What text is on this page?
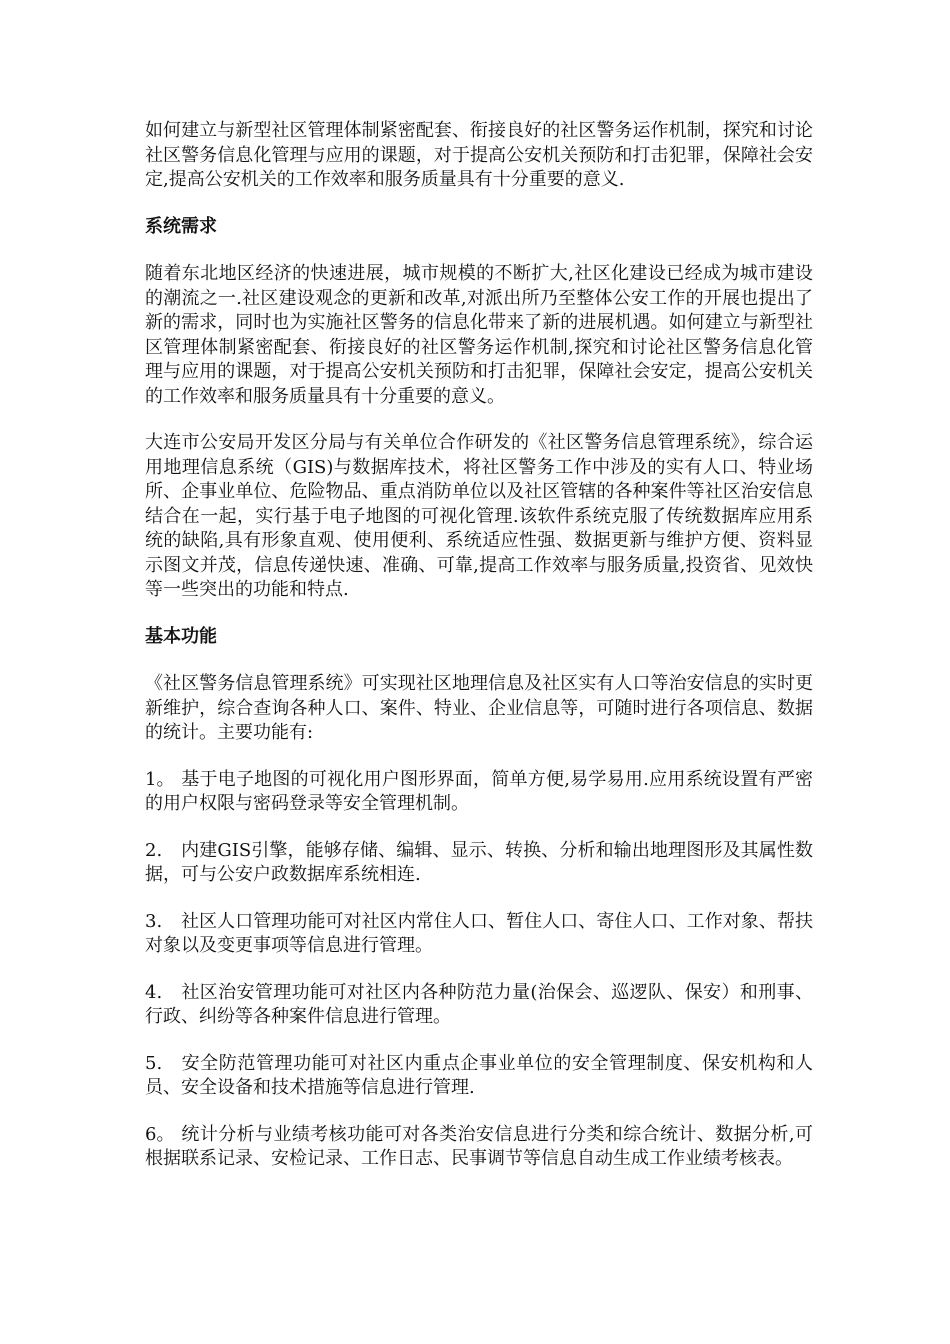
如何建立与新型社区管理体制紧密配套、衔接良好的社区警务运作机制，探究和讨论社区警务信息化管理与应用的课题，对于提高公安机关预防和打击犯罪，保障社会安定,提高公安机关的工作效率和服务质量具有十分重要的意义.

系统需求

随着东北地区经济的快速进展，城市规模的不断扩大,社区化建设已经成为城市建设的潮流之一.社区建设观念的更新和改革,对派出所乃至整体公安工作的开展也提出了新的需求，同时也为实施社区警务的信息化带来了新的进展机遇。如何建立与新型社区管理体制紧密配套、衔接良好的社区警务运作机制,探究和讨论社区警务信息化管理与应用的课题，对于提高公安机关预防和打击犯罪，保障社会安定，提高公安机关的工作效率和服务质量具有十分重要的意义。

大连市公安局开发区分局与有关单位合作研发的《社区警务信息管理系统》，综合运用地理信息系统（GIS)与数据库技术，将社区警务工作中涉及的实有人口、特业场所、企事业单位、危险物品、重点消防单位以及社区管辖的各种案件等社区治安信息结合在一起，实行基于电子地图的可视化管理.该软件系统克服了传统数据库应用系统的缺陷,具有形象直观、使用便利、系统适应性强、数据更新与维护方便、资料显示图文并茂，信息传递快速、准确、可靠,提高工作效率与服务质量,投资省、见效快等一些突出的功能和特点.

基本功能

《社区警务信息管理系统》可实现社区地理信息及社区实有人口等治安信息的实时更新维护，综合查询各种人口、案件、特业、企业信息等，可随时进行各项信息、数据的统计。主要功能有:

1。 基于电子地图的可视化用户图形界面，简单方便,易学易用.应用系统设置有严密的用户权限与密码登录等安全管理机制。

2. 内建GIS引擎，能够存储、编辑、显示、转换、分析和输出地理图形及其属性数据，可与公安户政数据库系统相连.

3. 社区人口管理功能可对社区内常住人口、暂住人口、寄住人口、工作对象、帮扶对象以及变更事项等信息进行管理。

4. 社区治安管理功能可对社区内各种防范力量(治保会、巡逻队、保安）和刑事、行政、纠纷等各种案件信息进行管理。

5. 安全防范管理功能可对社区内重点企事业单位的安全管理制度、保安机构和人员、安全设备和技术措施等信息进行管理.

6。 统计分析与业绩考核功能可对各类治安信息进行分类和综合统计、数据分析,可根据联系记录、安检记录、工作日志、民事调节等信息自动生成工作业绩考核表。
